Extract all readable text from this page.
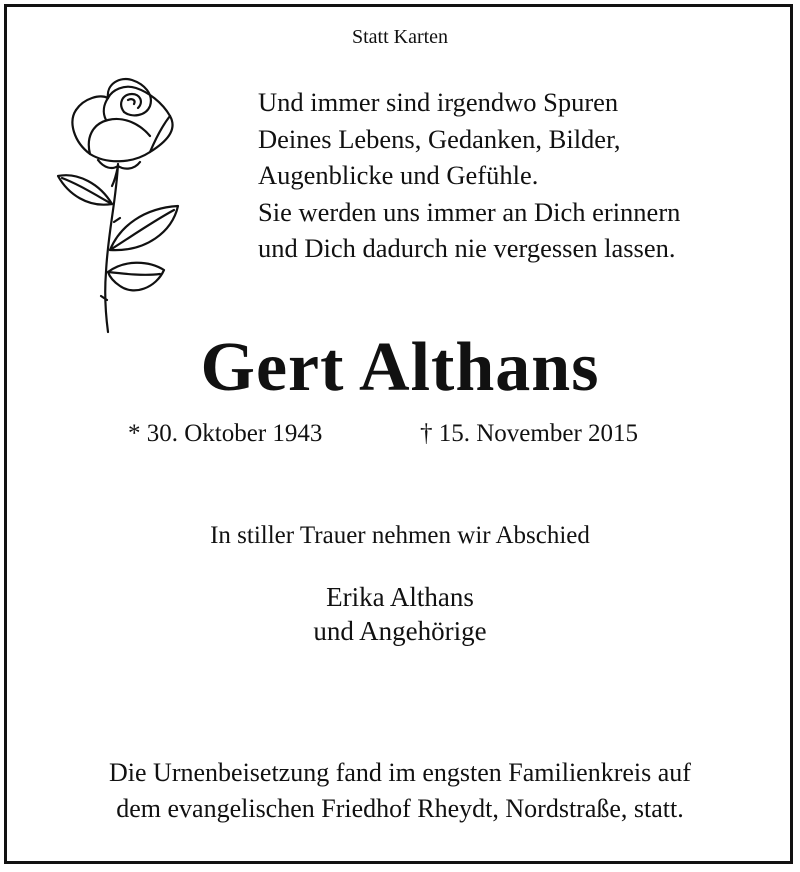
Statt Karten
Und immer sind irgendwo Spuren
Deines Lebens, Gedanken, Bilder,
Augenblicke und Gefühle.
Sie werden uns immer an Dich erinnern
und Dich dadurch nie vergessen lassen.
Gert Althans
* 30. Oktober 1943	† 15. November 2015
In stiller Trauer nehmen wir Abschied
Erika Althans
und Angehörige
Die Urnenbeisetzung fand im engsten Familienkreis auf
dem evangelischen Friedhof Rheydt, Nordstraße, statt.
